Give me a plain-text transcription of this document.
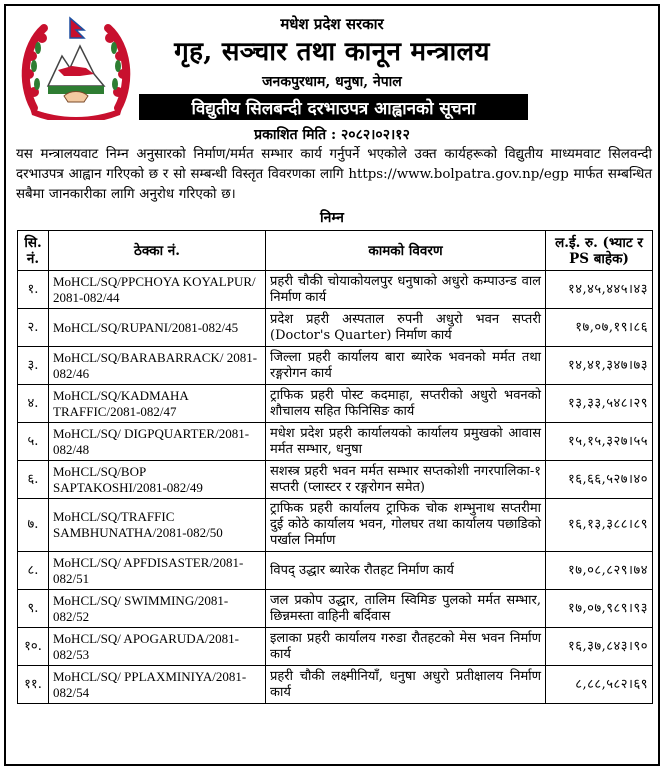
मधेश प्रदेश सरकार
गृह, सञ्चार तथा कानून मन्त्रालय
जनकपुरधाम, धनुषा, नेपाल
विद्युतीय सिलबन्दी दरभाउपत्र आह्वानको सूचना
प्रकाशित मिति : २०८२।०२।१२
यस मन्त्रालयवाट निम्न अनुसारको निर्माण/मर्मत सम्भार कार्य गर्नुपर्ने भएकोले उक्त कार्यहरूको विद्युतीय माध्यमवाट सिलवन्दी दरभाउपत्र आह्वान गरिएको छ र सो सम्बन्धी विस्तृत विवरणका लागि https://www.bolpatra.gov.np/egp मार्फत सम्बन्धित सबैमा जानकारीका लागि अनुरोध गरिएको छ।
निम्न
सि. नं.	ठेक्का नं.	कामको विवरण	ल.ई. रु. (भ्याट र PS बाहेक)
१.	MoHCL/SQ/PPCHOYA KOYALPUR/ 2081-082/44	प्रहरी चौकी चोयाकोयलपुर धनुषाको अधुरो कम्पाउन्ड वाल निर्माण कार्य	१४,४५,४४५।४३
२.	MoHCL/SQ/RUPANI/2081-082/45	प्रदेश प्रहरी अस्पताल रुपनी अधुरो भवन सप्तरी (Doctor's Quarter) निर्माण कार्य	१७,०७,१९।८६
३.	MoHCL/SQ/BARABARRACK/ 2081-082/46	जिल्ला प्रहरी कार्यालय बारा ब्यारेक भवनको मर्मत तथा रङ्गरोगन कार्य	१४,४१,३४७।७३
४.	MoHCL/SQ/KADMAHA TRAFFIC/2081-082/47	ट्राफिक प्रहरी पोस्ट कदमाहा, सप्तरीको अधुरो भवनको शौचालय सहित फिनिसिङ कार्य	१३,३३,५४८।२९
५.	MoHCL/SQ/ DIGPQUARTER/2081-082/48	मधेश प्रदेश प्रहरी कार्यालयको कार्यालय प्रमुखको आवास मर्मत सम्भार, धनुषा	१५,१५,३२७।५५
६.	MoHCL/SQ/BOP SAPTAKOSHI/2081-082/49	सशस्त्र प्रहरी भवन मर्मत सम्भार सप्तकोशी नगरपालिका-१ सप्तरी (प्लास्टर र रङ्गरोगन समेत)	१६,६६,५२७।४०
७.	MoHCL/SQ/TRAFFIC SAMBHUNATHA/2081-082/50	ट्राफिक प्रहरी कार्यालय ट्राफिक चोक शम्भुनाथ सप्तरीमा दुई कोठे कार्यालय भवन, गोलघर तथा कार्यालय पछाडिको पर्खाल निर्माण	१६,१३,३८८।८९
८.	MoHCL/SQ/ APFDISASTER/2081-082/51	विपद् उद्धार ब्यारेक रौतहट निर्माण कार्य	१७,०८,८२९।७४
९.	MoHCL/SQ/ SWIMMING/2081-082/52	जल प्रकोप उद्धार, तालिम स्विमिङ पुलको मर्मत सम्भार, छिन्नमस्ता वाहिनी बर्दिवास	१७,०७,९८९।९३
१०.	MoHCL/SQ/ APOGARUDA/2081-082/53	इलाका प्रहरी कार्यालय गरुडा रौतहटको मेस भवन निर्माण कार्य	१६,३७,८४३।९०
११.	MoHCL/SQ/ PPLAXMINIYA/2081-082/54	प्रहरी चौकी लक्ष्मीनियाँ, धनुषा अधुरो प्रतीक्षालय निर्माण कार्य	८,८८,५८२।६९
